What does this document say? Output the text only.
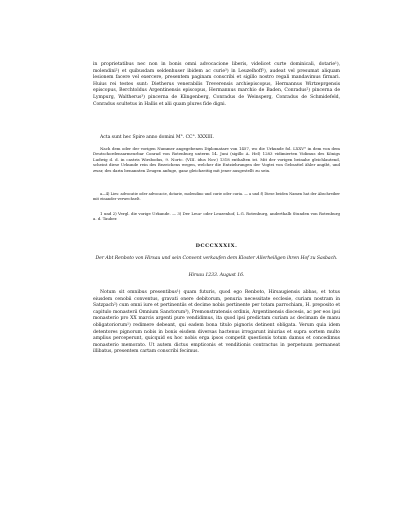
in proprietatibus nec non in bonis omni advocacione liberis, videlicet curte dominicali, dotarie¹), molendini²) et quibusdam seldenhuser ibidem ac curie³) in Leuzelhoff¹), audeat vel presumat aliquam lesionem facere vel exercere, presentem paginam conscribi et sigillo nostro regali mandavimus firmari. Huius rei testes sunt: Dietherus venerabilis Treverensis archiepiscopus, Hermannus Wirtzeprgensis episcopus, Berchtoldus Argentinensis episcopus, Hermannus marchio de Baden, Conradus²) pincerna de Lympurg, Waltherus³) pincerna de Klingenberg, Conradus de Weinsperg, Conradus de Schmidefeld, Conradus scultetus in Hallis et alii quam plures fide digni.

Acta sunt hec Spire anno domini M°. CC°. XXXIII.

Nach dem oder der vorigen Nummer angegebenen Diplomatare von 1457, wo die Urkunde fol. LXXV° in dem von dem Deutschordensarmeurbar Conrad von Rotenburg unterm 14. Juni (sigillo A. Hel) 1283 vidimierten Vidimus des Königs Ludwig d. d. in castris Wirsbodus, 9. Nortc. (VIII. idus Nov.) 1318 enthalten ist. Mit der vorigen beinahe gleichlautend, scheint diese Urkunde rein des Bezeichens wegen, welcher die Entziehrungen der Vogtei von Gebsattel ähler angibt, und zwar, des darin benannten Zeugen anfuge, ganz gleichzeitig mit jener ausgestellt zu sein.

a—4) Lies: advocatie oder advocacie, dotarie, molendino und curie oder curia. — a und f) Diese beiden Namen hat der Abschreiber mit einander verwechselt.

1 und 2) Vergl. die vorige Urkunde. — 3) Der Leuz- oder Leuzenhof, L.G. Rotenburg, anderthalb Stunden von Rotenburg a. d. Tauber.

DCCCXXXIX.

Der Abt Renboto von Hirsau und sein Convent verkaufen dem Kloster Allerheiligen ihren Hof zu Sasbach.

Hirsau 1233. August 16.

Notum sit omnibus presentibus¹) quam futuris, quod ego Renboto, Hirsaugiensis abbas, et totus eiusdem cenobii conventus, gravati onere debitorum, penuria necessitate ecclesie, curiam nostram in Satzpach²) cum omni iure et pertinentiis et decime nobis pertinente per totam parrochiam, H. preposito et capitulo monasterii Omnium Sanctorum³), Premonstratensis ordinis, Argentinensis diocesis, ac per eos ipsi monasterio pro XX marcis argenti pure vendidimus, ita quod ipsi predictam curiam ac decimam de manu obligatoriorum¹) redimere debeant, qui eadem bona titulo pignoris detinent obligata. Verum quia idem detentores pignorum nobis in bonis eisdem diversas hactenus irrogarunt iniurias et supra sortem multo amplius perceperunt, quicquid ex hoc nobis erga ipsos competit questionis totum damus et concedimus monasterio memorato. Ut autem dictus empticonis et venditionis contractus in perpetuum permaneat illibatus, presentem cartam conscribi fecimus.
